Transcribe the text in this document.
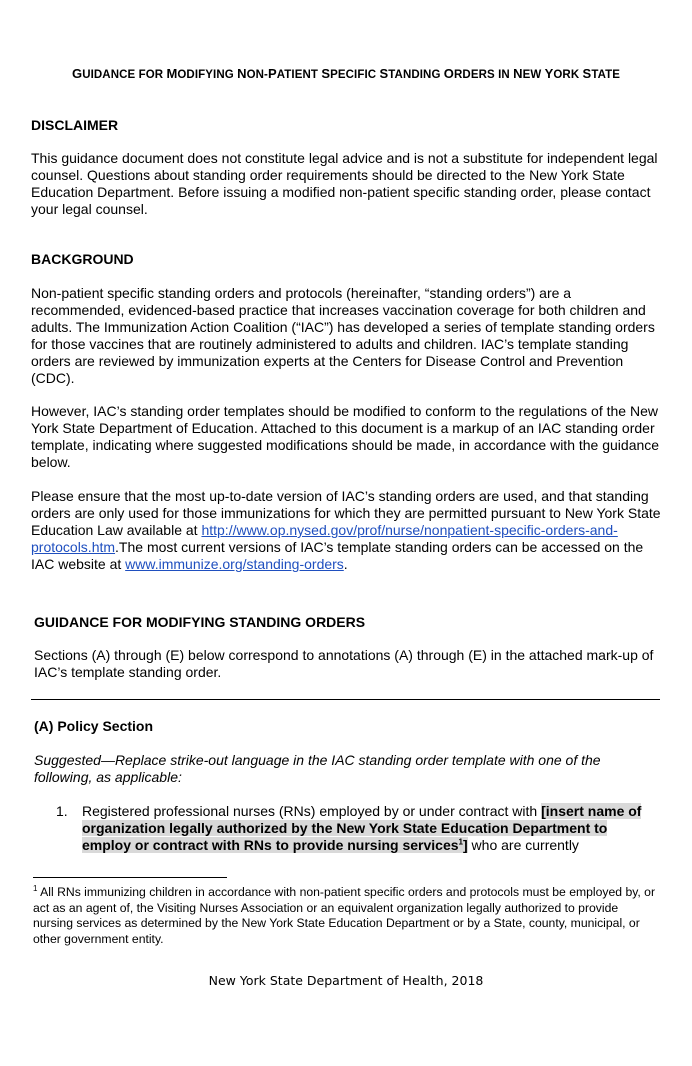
GUIDANCE FOR MODIFYING NON-PATIENT SPECIFIC STANDING ORDERS IN NEW YORK STATE
DISCLAIMER
This guidance document does not constitute legal advice and is not a substitute for independent legal counsel. Questions about standing order requirements should be directed to the New York State Education Department. Before issuing a modified non-patient specific standing order, please contact your legal counsel.
BACKGROUND
Non-patient specific standing orders and protocols (hereinafter, “standing orders”) are a recommended, evidenced-based practice that increases vaccination coverage for both children and adults. The Immunization Action Coalition (“IAC”) has developed a series of template standing orders for those vaccines that are routinely administered to adults and children. IAC’s template standing orders are reviewed by immunization experts at the Centers for Disease Control and Prevention (CDC).
However, IAC’s standing order templates should be modified to conform to the regulations of the New York State Department of Education. Attached to this document is a markup of an IAC standing order template, indicating where suggested modifications should be made, in accordance with the guidance below.
Please ensure that the most up-to-date version of IAC’s standing orders are used, and that standing orders are only used for those immunizations for which they are permitted pursuant to New York State Education Law available at http://www.op.nysed.gov/prof/nurse/nonpatient-specific-orders-and-protocols.htm.The most current versions of IAC’s template standing orders can be accessed on the IAC website at www.immunize.org/standing-orders.
GUIDANCE FOR MODIFYING STANDING ORDERS
Sections (A) through (E) below correspond to annotations (A) through (E) in the attached mark-up of IAC’s template standing order.
(A) Policy Section
Suggested—Replace strike-out language in the IAC standing order template with one of the following, as applicable:
1. Registered professional nurses (RNs) employed by or under contract with [insert name of organization legally authorized by the New York State Education Department to employ or contract with RNs to provide nursing services$^1$] who are currently
$^1$ All RNs immunizing children in accordance with non-patient specific orders and protocols must be employed by, or act as an agent of, the Visiting Nurses Association or an equivalent organization legally authorized to provide nursing services as determined by the New York State Education Department or by a State, county, municipal, or other government entity.
New York State Department of Health, 2018
